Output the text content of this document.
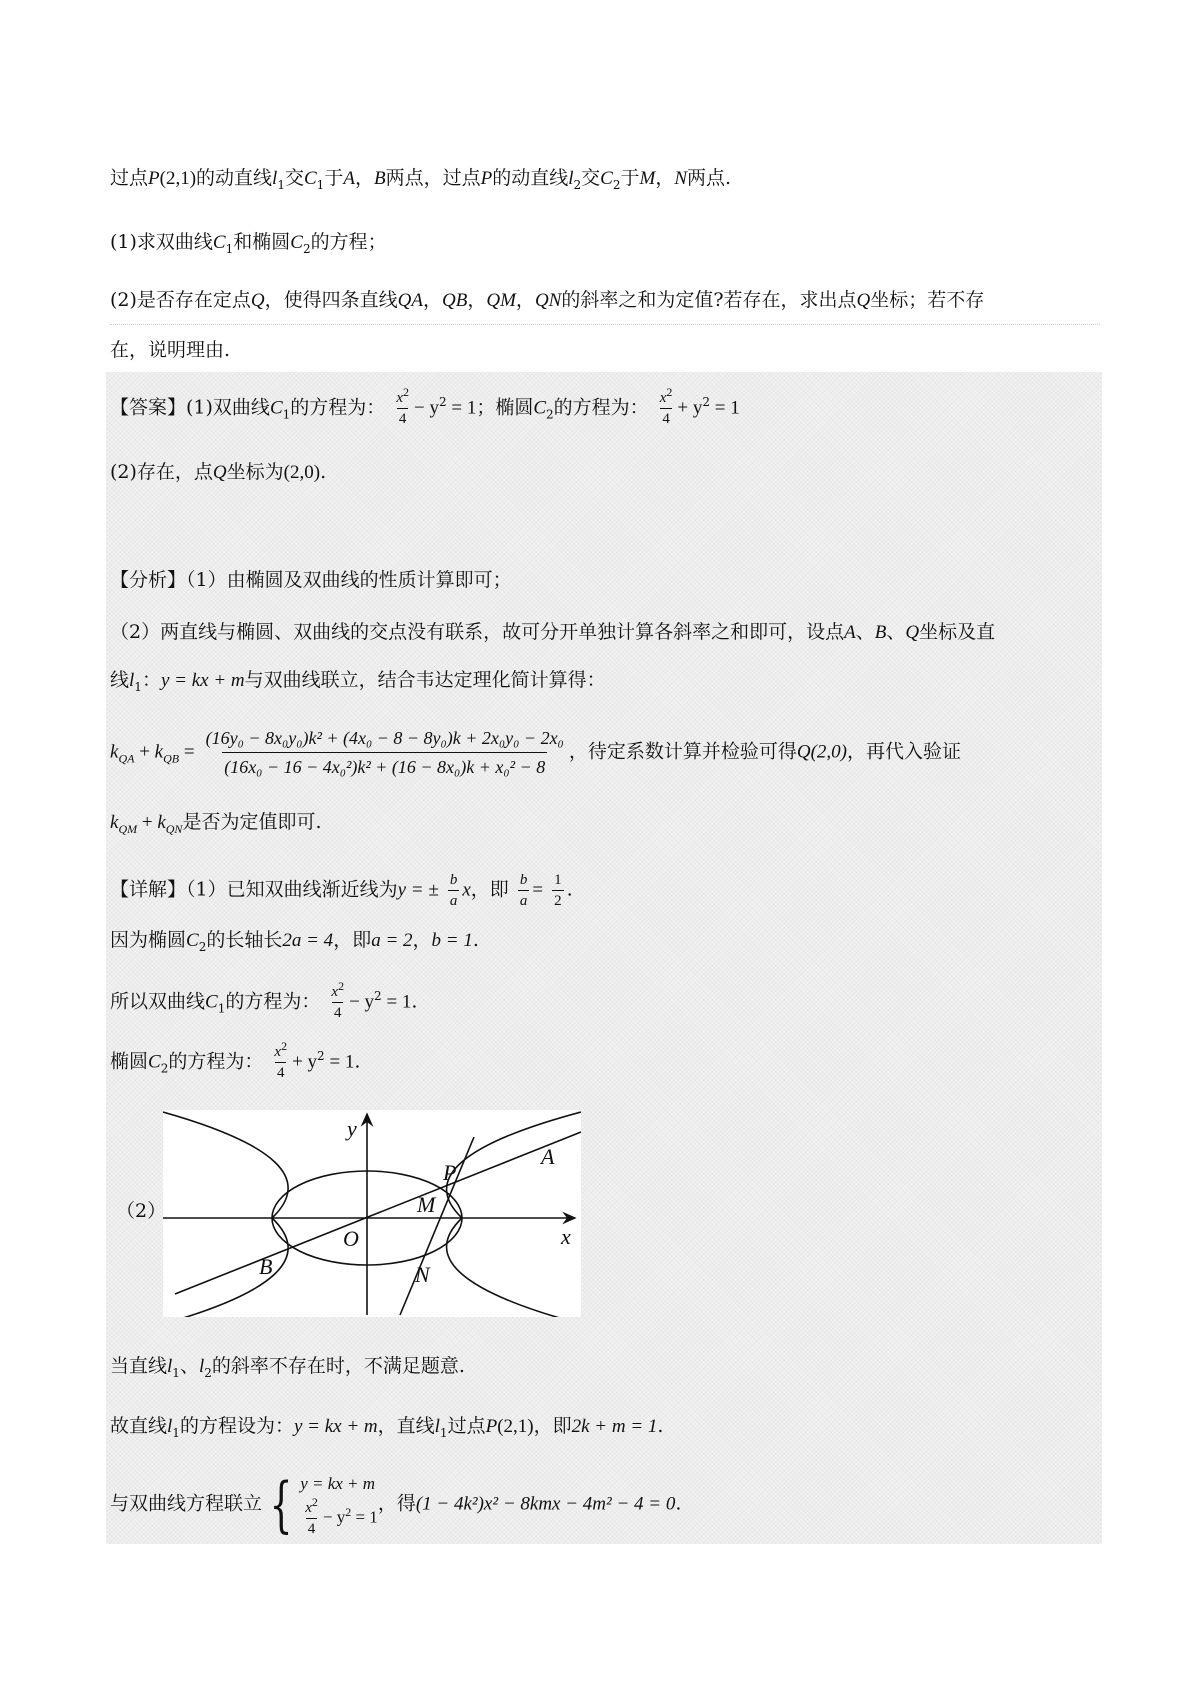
过点P(2,1)的动直线$l_1$交$C_1$于A，B两点，过点P的动直线$l_2$交$C_2$于M，N两点.
(1)求双曲线$C_1$和椭圆$C_2$的方程；
(2)是否存在定点Q，使得四条直线QA，QB，QM，QN的斜率之和为定值?若存在，求出点Q坐标；若不存
在，说明理由.
【答案】(1)双曲线$C_1$的方程为： $\frac{x^2}{4} - y^2 = 1$；椭圆$C_2$的方程为： $\frac{x^2}{4} + y^2 = 1$
(2)存在，点Q坐标为(2,0).
【分析】（1）由椭圆及双曲线的性质计算即可；
（2）两直线与椭圆、双曲线的交点没有联系，故可分开单独计算各斜率之和即可，设点A、B、Q坐标及直
线$l_1$：y = kx + m与双曲线联立，结合韦达定理化简计算得：
$k_{QA} + k_{QB} = \frac{\text{(16y₀ − 8x₀y₀)k² + (4x₀ − 8 − 8y₀)k + 2x₀y₀ − 2x₀}}{\text{(16x₀ − 16 − 4x₀²)k² + (16 − 8x₀)k + x₀² − 8}}$ ，待定系数计算并检验可得Q(2,0)，再代入验证
$k_{QM} + k_{QN}$是否为定值即可.
【详解】（1）已知双曲线渐近线为y = ± $\frac{b}{a}$ x，即 $\frac{b}{a} = \frac{1}{2}$ .
因为椭圆$C_2$的长轴长2a = 4，即a = 2，b = 1.
所以双曲线$C_1$的方程为： $\frac{x^2}{4} - y^2 = 1$.
椭圆$C_2$的方程为： $\frac{x^2}{4} + y^2 = 1$.
（2）
y
x
O
P
A
M
B	N
当直线$l_1$、$l_2$的斜率不存在时，不满足题意.
故直线$l_1$的方程设为：y = kx + m，直线$l_1$过点P(2,1)，即2k + m = 1.
与双曲线方程联立 { y = kx + m
$\frac{x^2}{4} - y^2 = 1$
，得(1 − 4k²)x² − 8kmx − 4m² − 4 = 0.
